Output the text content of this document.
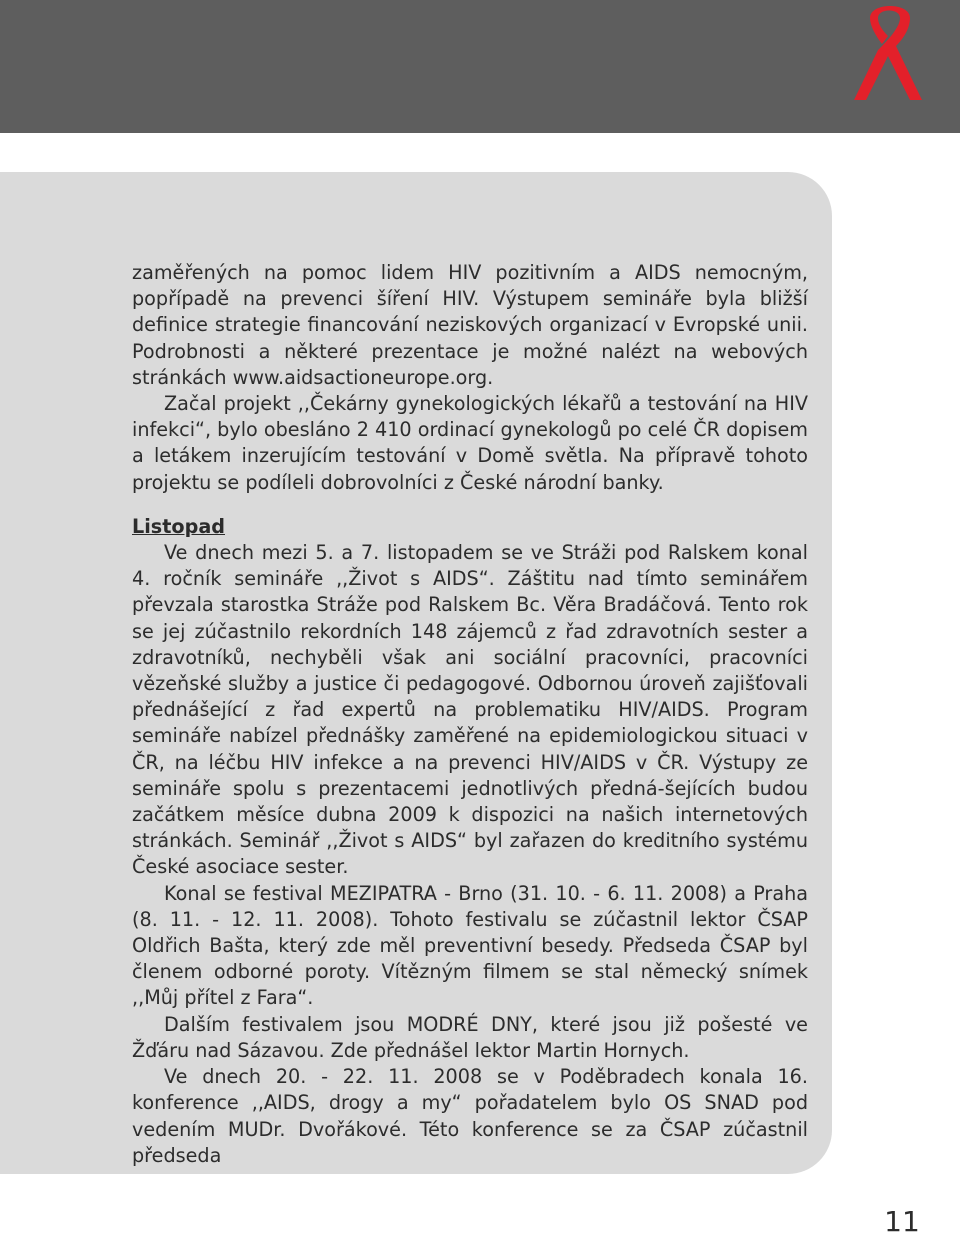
zaměřených na pomoc lidem HIV pozitivním a AIDS nemocným, popřípadě na prevenci šíření HIV. Výstupem semináře byla bližší definice strategie financování neziskových organizací v Evropské unii. Podrobnosti a některé prezentace je možné nalézt na webových stránkách www.aidsactioneurope.org.

Začal projekt ,,Čekárny gynekologických lékařů a testování na HIV infekci“, bylo obesláno 2 410 ordinací gynekologů po celé ČR dopisem a letákem inzerujícím testování v Domě světla. Na přípravě tohoto projektu se podíleli dobrovolníci z České národní banky.

Listopad

Ve dnech mezi 5. a 7. listopadem se ve Stráži pod Ralskem konal 4. ročník semináře ,,Život s AIDS“. Záštitu nad tímto seminářem převzala starostka Stráže pod Ralskem Bc. Věra Bradáčová. Tento rok se jej zúčastnilo rekordních 148 zájemců z řad zdravotních sester a zdravotníků, nechyběli však ani sociální pracovníci, pracovníci vězeňské služby a justice či pedagogové. Odbornou úroveň zajišťovali přednášející z řad expertů na problematiku HIV/AIDS. Program semináře nabízel přednášky zaměřené na epidemiologickou situaci v ČR, na léčbu HIV infekce a na prevenci HIV/AIDS v ČR. Výstupy ze semináře spolu s prezentacemi jednotlivých předná-šejících budou začátkem měsíce dubna 2009 k dispozici na našich internetových stránkách. Seminář ,,Život s AIDS“ byl zařazen do kreditního systému České asociace sester.

Konal se festival MEZIPATRA - Brno (31. 10. - 6. 11. 2008) a Praha (8. 11. - 12. 11. 2008). Tohoto festivalu se zúčastnil lektor ČSAP Oldřich Bašta, který zde měl preventivní besedy. Předseda ČSAP byl členem odborné poroty. Vítězným filmem se stal německý snímek ,,Můj přítel z Fara“.

Dalším festivalem jsou MODRÉ DNY, které jsou již pošesté ve Žďáru nad Sázavou. Zde přednášel lektor Martin Hornych.

Ve dnech 20. - 22. 11. 2008 se v Poděbradech konala 16. konference ,,AIDS, drogy a my“ pořadatelem bylo OS SNAD pod vedením MUDr. Dvořákové. Této konference se za ČSAP zúčastnil předseda

11
